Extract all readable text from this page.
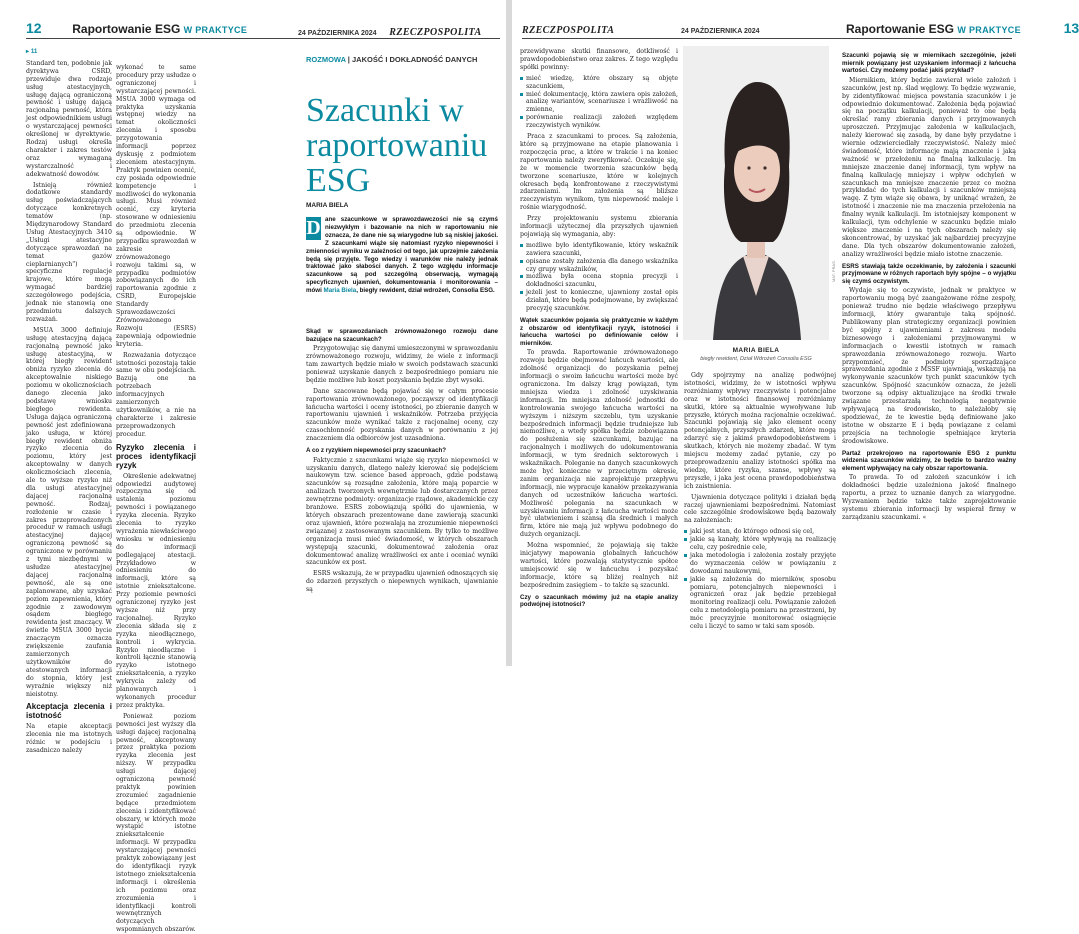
12	Raportowanie ESG W PRAKTYCE	24 PAŹDZIERNIKA 2024 RZECZPOSPOLITA
▸ 11

Standard ten, podobnie jak dyrektywa CSRD, przewiduje dwa rodzaje usług atestacyjnych, usługę dającą ograniczoną pewność i usługę dającą racjonalną pewność, która jest odpowiednikiem usługi o wystarczającej pewności określonej w dyrektywie. Rodzaj usługi określa charakter i zakres testów oraz wymaganą wystarczalność i adekwatność dowodów.

Istnieją również dodatkowe standardy usług poświadczających dotyczące konkretnych tematów (np. Międzynarodowy Standard Usług Atestacyjnych 3410 „Usługi atestacyjne dotyczące sprawozdań na temat gazów cieplarnianych") i specyficzne regulacje krajowe, które mogą wymagać bardziej szczegółowego podejścia, jednak nie stanowią one przedmiotu dalszych rozważań.

MSUA 3000 definiuje usługę atestacyjną dającą racjonalną pewność jako usługę atestacyjną, w której biegły rewident obniża ryzyko zlecenia do akceptowalnie niskiego poziomu w okolicznościach danego zlecenia jako podstawę wniosku biegłego rewidenta. Usługa dająca ograniczoną pewność jest zdefiniowana jako usługa, w której biegły rewident obniża ryzyko zlecenia do poziomu, który jest akceptowalny w danych okolicznościach zlecenia, ale to wyższe ryzyko niż dla usługi atestacyjnej dającej racjonalną pewność. Rodzaj, rozłożenie w czasie i zakres przeprowadzonych procedur w ramach usługi atestacyjnej dającej ograniczoną pewność są ograniczone w porównaniu z tymi niezbędnymi w usłudze atestacyjnej dającej racjonalną pewność, ale są one zaplanowane, aby uzyskać poziom zapewnienia, który zgodnie z zawodowym osądem biegłego rewidenta jest znaczący. W świetle MSUA 3000 bycie znaczącym oznacza zwiększenie zaufania zamierzonych użytkowników do atestowanych informacji do stopnia, który jest wyraźnie większy niż nieistotny.

Akceptacja zlecenia i istotność

Na etapie akceptacji zlecenia nie ma istotnych różnic w podejściu i zasadniczo należy

wykonać te same procedury przy usłudze o ograniczonej i wystarczającej pewności. MSUA 3000 wymaga od praktyka uzyskania wstępnej wiedzy na temat okoliczności zlecenia i sposobu przygotowania informacji poprzez dyskusję z podmiotem zleceniem atestacyjnym. Praktyk powinien ocenić, czy posiada odpowiednie kompetencje i możliwości do wykonania usługi. Musi również ocenić, czy kryteria stosowane w odniesieniu do przedmiotu zlecenia są odpowiednie. W przypadku sprawozdań w zakresie zrównoważonego rozwoju takimi są, w przypadku podmiotów zobowiązanych do ich raportowania zgodnie z CSRD, Europejskie Standardy Sprawozdawczości Zrównoważonego Rozwoju (ESRS) zapewniają odpowiednie kryteria.

Rozważania dotyczące istotności pozostają takie same w obu podejściach. Bazują one na potrzebach informacyjnych zamierzonych użytkowników, a nie na charakterze i zakresie przeprowadzonych procedur.

Ryzyko zlecenia i proces identyfikacji ryzyk

Określenie adekwatnej odpowiedzi audytowej rozpoczyna się od ustalenia poziomu pewności i powiązanego ryzyka zlecenia. Ryzyko zlecenia to ryzyko wyrażenia niewłaściwego wniosku w odniesieniu do informacji podlegającej atestacji. Przykładowo w odniesieniu do informacji, które są istotnie zniekształcone. Przy poziomie pewności ograniczonej ryzyko jest wyższe niż przy racjonalnej. Ryzyko zlecenia składa się z ryzyka nieodłącznego, kontroli i wykrycia. Ryzyko nieodłączne i kontroli łącznie stanowią ryzyko istotnego zniekształcenia, a ryzyko wykrycia zależy od planowanych i wykonanych procedur przez praktyka.

Ponieważ poziom pewności jest wyższy dla usługi dającej racjonalną pewność, akceptowany przez praktyka poziom ryzyka zlecenia jest niższy. W przypadku usługi dającej ograniczoną pewność praktyk powinien zrozumieć zagadnienie będące przedmiotem zlecenia i zidentyfikować obszary, w których może wystąpić istotne zniekształcenie informacji. W przypadku wystarczającej pewności praktyk zobowiązany jest do identyfikacji ryzyk istotnego zniekształcenia informacji i określenia ich poziomu oraz zrozumienia i identyfikacji kontroli wewnętrznych dotyczących wspomnianych obszarów.

ROZMOWA | JAKOŚĆ I DOKŁADNOŚĆ DANYCH
Szacunki w raportowaniu ESG
MARIA BIELA

D ane szacunkowe w sprawozdawczości nie są czymś niezwykłym i bazowanie na nich w raportowaniu nie oznacza, że dane nie są wiarygodne lub są niskiej jakości. Z szacunkami wiąże się natomiast ryzyko niepewności i zmienności wyniku w zależności od tego, jak uprzejmie założenia będą się przyjęte. Tego wiedzy i warunków nie należy jednak traktować jako słabości danych. Z tego względu informacje szacunkowe są pod szczególną obserwacją, wymagają specyficznych ujawnień, dokumentowania i monitorowania – mówi Maria Biela, biegły rewident, dział wdrożeń, Consolia ESG.

Skąd w sprawozdaniach zrównoważonego rozwoju dane bazujące na szacunkach?

Przygotowując się danymi umieszczonymi w sprawozdaniu zrównoważonego rozwoju, widzimy, że wiele z informacji tam zawartych będzie miało w swoich podstawach szacunki ponieważ uzyskanie danych z bezpośredniego pomiaru nie będzie możliwe lub koszt pozyskania będzie zbyt wysoki.

Dane szacowane będą pojawiać się w całym procesie raportowania zrównoważonego, począwszy od identyfikacji łańcucha wartości i oceny istotności, po zbieranie danych w raportowaniu ujawnień i wskaźników. Potrzeba przyjęcia szacunków może wynikać także z racjonalnej oceny, czy czasochłonność pozyskania danych w porównaniu z jej znaczeniem dla odbiorców jest uzasadniona.

A co z ryzykiem niepewności przy szacunkach?

Faktycznie z szacunkami wiąże się ryzyko niepewności w uzyskaniu danych, dlatego należy kierować się podejściem naukowym tzw. science based approach, gdzie podstawą szacunków są rozsądne założenia, które mają poparcie w analizach tworzonych wewnętrznie lub dostarczanych przez zewnętrzne podmioty: organizacje rządowe, akademickie czy branżowe. ESRS zobowiązują spółki do ujawnienia, w których obszarach prezentowane dane zawierają szacunki oraz ujawnień, które pozwalają na zrozumienie niepewności związanej z zastosowanym szacunkiem. By tylko to możliwe organizacja musi mieć świadomość, w których obszarach występują szacunki, dokumentować założenia oraz dokumentować analizę wrażliwości ex ante i oceniać wyniki szacunków ex post.

ESRS wskazują, że w przypadku ujawnień odnoszących się do zdarzeń przyszłych o niepewnych wynikach, ujawnianie są

RZECZPOSPOLITA	24 PAŹDZIERNIKA 2024	Raportowanie ESG W PRAKTYCE	13

przewidywane skutki finansowe, dotkliwość i prawdopodobieństwo oraz zakres. Z tego względu spółki powinny:

mieć wiedzę, które obszary są objęte szacunkiem,
mieć dokumentację, która zawiera opis założeń, analizę wariantów, scenariusze i wrażliwość na zmienne,
porównanie realizacji założeń względem rzeczywistych wyników.

Praca z szacunkami to proces. Są założenia, które są przyjmowane na etapie planowania i rozpoczęcia prac, a które w trakcie i na koniec raportowania należy zweryfikować. Oczekuje się, że w momencie tworzenia szacunków będą tworzone scenariusze, które w kolejnych okresach będą konfrontowane z rzeczywistymi zdarzeniami. Im założenia są bliższe rzeczywistym wynikom, tym niepewność maleje i rośnie wiarygodność.

Przy projektowaniu systemu zbierania informacji użytecznej dla przyszłych ujawnień pojawiają się wymagania, aby:

możliwe było identyfikowanie, który wskaźnik zawiera szacunki,
opisane zostały założenia dla danego wskaźnika czy grupy wskaźników,
możliwa była ocena stopnia precyzji i dokładności szacunku,
jeżeli jest to konieczne, ujawniony został opis działań, które będą podejmowane, by zwiększać precyzję szacunków.

Wątek szacunków pojawia się praktycznie w każdym z obszarów od identyfikacji ryzyk, istotności i łańcucha wartości po definiowanie celów i mierników.

To prawda. Raportowanie zrównoważonego rozwoju będzie obejmować łańcuch wartości, ale zdolność organizacji do pozyskania pełnej informacji o swoim łańcuchu wartości może być ograniczona. Im dalszy krąg powiązań, tym mniejsza wiedza i zdolność uzyskiwania informacji. Im mniejsza zdolność jednostki do kontrolowania swojego łańcucha wartości na wyższym i niższym szczeblu, tym uzyskanie bezpośrednich informacji będzie trudniejsze lub niemożliwe, a wtedy spółka będzie zobowiązana do posłużenia się szacunkami, bazując na racjonalnych i możliwych do udokumentowania informacji, w tym średnich sektorowych i wskaźnikach. Poleganie na danych szacunkowych może być konieczne w przeciętnym okresie, zanim organizacja nie zaprojektuje przepływu informacji, nie wypracuje kanałów przekazywania danych od uczestników łańcucha wartości. Możliwość polegania na szacunkach w uzyskiwaniu informacji z łańcucha wartości może być ułatwieniem i szansą dla średnich i małych firm, które nie mają już wpływu podobnego do dużych organizacji.

Można wspomnieć, że pojawiają się także inicjatywy mapowania globalnych łańcuchów wartości, które pozwalają statystycznie spółce umiejscowić się w łańcuchu i pozyskać informacje, które są bliżej realnych niż bezpośrednim zasięgiem – to także są szacunki.

Czy o szacunkach mówimy już na etapie analizy podwójnej istotności?

MAT. PRAS.
MARIA BIELA
biegły rewident, Dział Wdrożeń Consolia ESG

Gdy spojrzymy na analizę podwójnej istotności, widzimy, że w istotności wpływu rozróżniamy wpływy rzeczywiste i potencjalne oraz w istotności finansowej rozróżniamy skutki, które są aktualnie wywoływane lub przyszłe, których można racjonalnie oczekiwać. Szacunki pojawiają się jako element oceny potencjalnych, przyszłych zdarzeń, które mogą zdarzyć się z jakimś prawdopodobieństwem i skutkach, których nie możemy zbadać. W tym miejscu możemy zadać pytanie, czy po przeprowadzeniu analizy istotności spółka ma wiedzę, które ryzyka, szanse, wpływy są przyszłe, i jaka jest ocena prawdopodobieństwa ich zaistnienia.

Ujawnienia dotyczące polityki i działań będą raczej ujawnieniami bezpośrednimi. Natomiast cele szczególnie środowiskowe będą bazowały na założeniach:

jaki jest stan, do którego odnosi się cel,
jakie są kanały, które wpływają na realizację celu, czy pośrednie cele,
jaka metodologia i założenia zostały przyjęte do wyznaczenia celów w powiązaniu z dowodami naukowymi,
jakie są założenia do mierników, sposobu pomiaru, potencjalnych niepewności i ograniczeń oraz jak będzie przebiegał monitoring realizacji celu. Powiązanie założeń celu z metodologią pomiaru na przestrzeni, by móc precyzyjnie monitorować osiągnięcie celu i liczyć to samo w taki sam sposób.

Szacunki pojawią się w miernikach szczególnie, jeżeli miernik powiązany jest uzyskaniem informacji z łańcucha wartości. Czy możemy podać jakiś przykład?

Miernikiem, który będzie zawierał wiele założeń i szacunków, jest np. ślad węglowy. To będzie wyzwanie, by zidentyfikować miejsca powstania szacunków i je odpowiednio dokumentować. Założenia będą pojawiać się na początku kalkulacji, ponieważ to one będą określać ramy zbierania danych i przyjmowanych uproszczeń. Przyjmując założenia w kalkulacjach, należy kierować się zasadą, by dane były przydatne i wiernie odzwierciedlały rzeczywistość. Należy mieć świadomość, które informacje mają znaczenie i jaką ważność w przełożeniu na finalną kalkulację. Im mniejsze znaczenie danej informacji, tym wpływ na finalną kalkulację mniejszy i wpływ odchyleń w szacunkach ma mniejsze znaczenie przez co można przykładać do tych kalkulacji i szacunków mniejszą wagę. Z tym wiąże się obawa, by uniknąć wrażeń, że istotność i znaczenie nie ma znaczenia przełożenia na finalny wynik kalkulacji. Im istotniejszy komponent w kalkulacji, tym odchylenie w szacunku będzie miało większe znaczenie i na tych obszarach należy się skoncentrować, by uzyskać jak najbardziej precyzyjne dane. Dla tych obszarów dokumentowanie założeń, analizy wrażliwości będzie miało istotne znaczenie.

ESRS stawiają także oczekiwanie, by założenia i szacunki przyjmowane w różnych raportach były spójne – o wyjątku się czymś oczywistym.

Wydaje się to oczywiste, jednak w praktyce w raportowaniu mogą być zaangażowane różne zespoły, ponieważ trudno nie będzie właściwego przepływu informacji, który gwarantuje taką spójność. Publikowany plan strategiczny organizacji powinien być spójny z ujawnieniami z zakresu modelu biznesowego i założeniami przyjmowanymi w informacjach o kwestii istotnych w ramach sprawozdania zrównoważonego rozwoju. Warto przypomnieć, że podmioty sporządzające sprawozdania zgodnie z MSSF ujawniają, wskazują na wykonywanie szacunków tych punkt szacunków tych szacunków. Spójność szacunków oznacza, że jeżeli tworzone są odpisy aktualizujące na środki trwałe związane przestarzałą technologią negatywnie wpływającą na środowisko, to należałoby się spodziewać, że te kwestie będą definiowane jako istotne w obszarze E i będą powiązane z celami przejścia na technologie spełniające kryteria środowiskowe.

Partaż przekrojowo na raportowanie ESG z punktu widzenia szacunków widzimy, że będzie to bardzo ważny element wpływający na cały obszar raportowania.

To prawda. To od założeń szacunków i ich dokładności będzie uzależniona jakość finalnego raportu, a przez to uznanie danych za wiarygodne. Wyzwaniem będzie także także zaprojektowanie systemu zbierania informacji by wspierał firmy w zarządzaniu szacunkami. «
